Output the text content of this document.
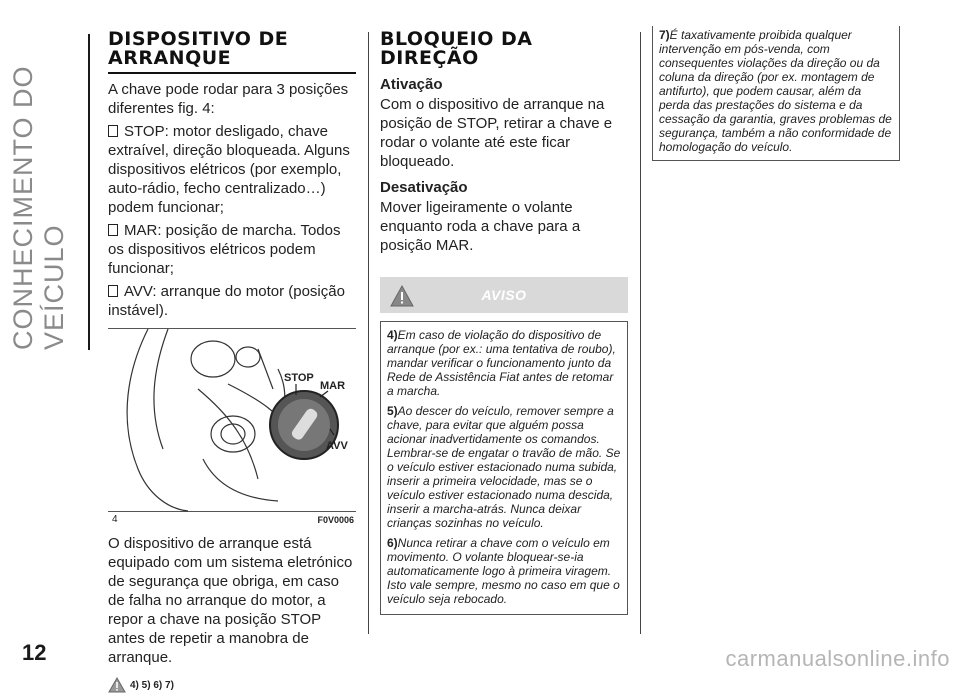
CONHECIMENTO DO VEÍCULO
12	carmanualsonline.info
DISPOSITIVO DE ARRANQUE

A chave pode rodar para 3 posições diferentes fig. 4:

STOP: motor desligado, chave extraível, direção bloqueada. Alguns dispositivos elétricos (por exemplo, auto-rádio, fecho centralizado…) podem funcionar;

MAR: posição de marcha. Todos os dispositivos elétricos podem funcionar;

AVV: arranque do motor (posição instável).

STOP
MAR
AVV
4	F0V0006

O dispositivo de arranque está equipado com um sistema eletrónico de segurança que obriga, em caso de falha no arranque do motor, a repor a chave na posição STOP antes de repetir a manobra de arranque.

4) 5) 6) 7)
BLOQUEIO DA DIREÇÃO
Ativação

Com o dispositivo de arranque na posição de STOP, retirar a chave e rodar o volante até este ficar bloqueado.

Desativação

Mover ligeiramente o volante enquanto roda a chave para a posição MAR.

AVISO

4)Em caso de violação do dispositivo de arranque (por ex.: uma tentativa de roubo), mandar verificar o funcionamento junto da Rede de Assistência Fiat antes de retomar a marcha.

5)Ao descer do veículo, remover sempre a chave, para evitar que alguém possa acionar inadvertidamente os comandos. Lembrar-se de engatar o travão de mão. Se o veículo estiver estacionado numa subida, inserir a primeira velocidade, mas se o veículo estiver estacionado numa descida, inserir a marcha-atrás. Nunca deixar crianças sozinhas no veículo.

6)Nunca retirar a chave com o veículo em movimento. O volante bloquear-se-ia automaticamente logo à primeira viragem. Isto vale sempre, mesmo no caso em que o veículo seja rebocado.

7)É taxativamente proibida qualquer intervenção em pós-venda, com consequentes violações da direção ou da coluna da direção (por ex. montagem de antifurto), que podem causar, além da perda das prestações do sistema e da cessação da garantia, graves problemas de segurança, também a não conformidade de homologação do veículo.
